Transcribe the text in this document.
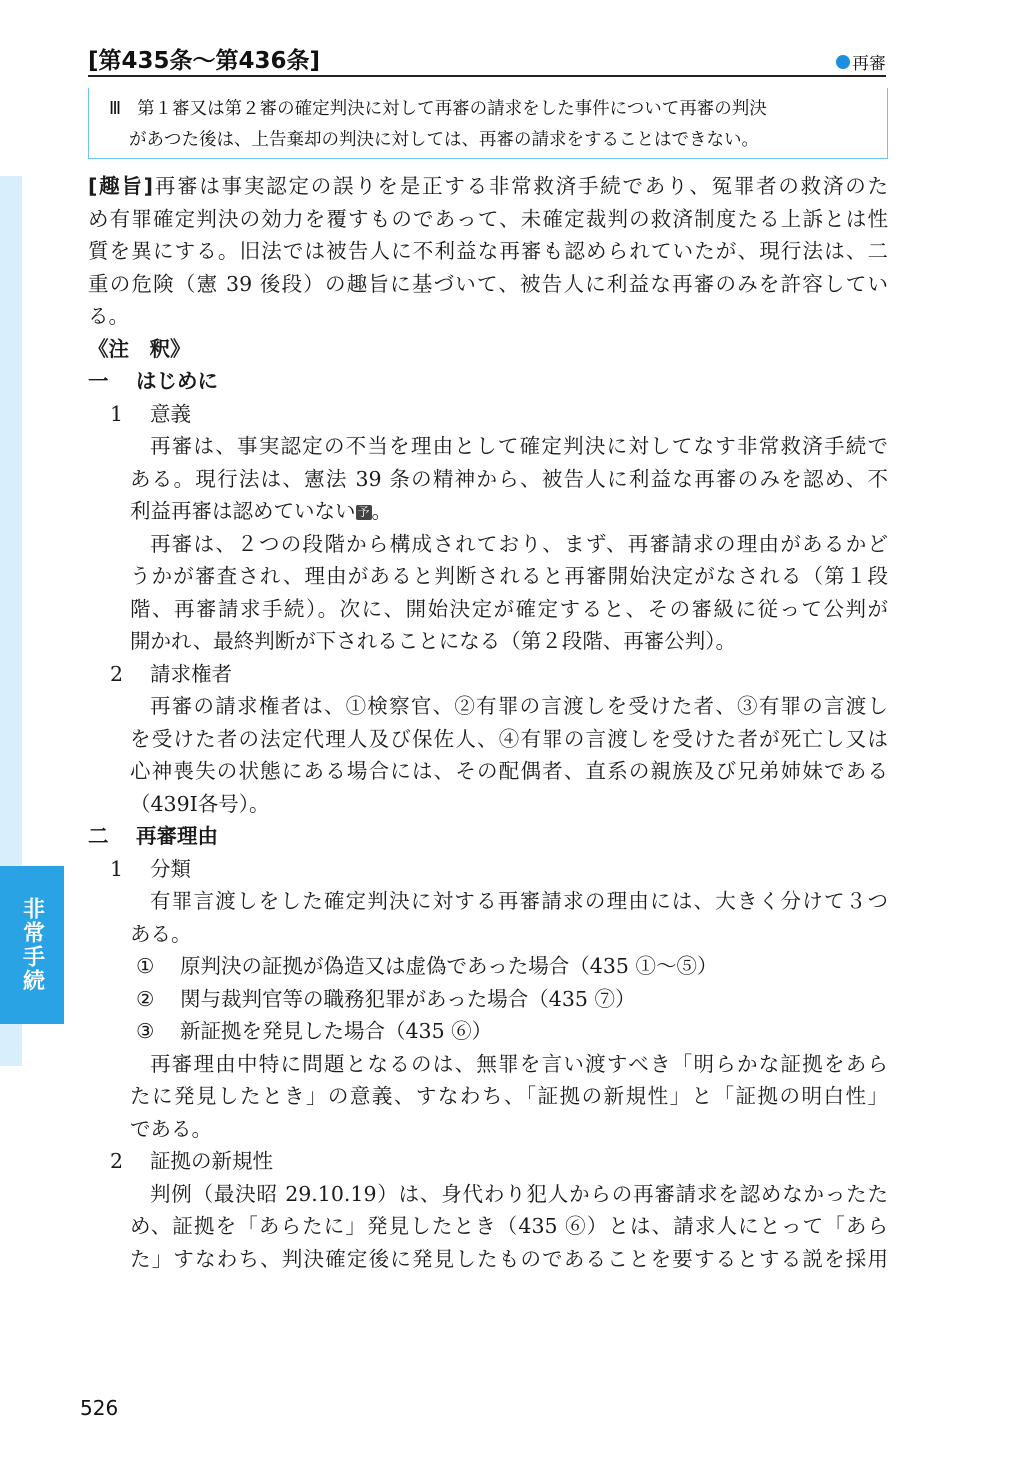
[第435条〜第436条]	再審
Ⅲ 第１審又は第２審の確定判決に対して再審の請求をした事件について再審の判決
があつた後は、上告棄却の判決に対しては、再審の請求をすることはできない。
非常手続
[趣旨]再審は事実認定の誤りを是正する非常救済手続であり、冤罪者の救済のた
め有罪確定判決の効力を覆すものであって、未確定裁判の救済制度たる上訴とは性
質を異にする。旧法では被告人に不利益な再審も認められていたが、現行法は、二
重の危険（憲 39 後段）の趣旨に基づいて、被告人に利益な再審のみを許容してい
る。
《注　釈》
一 はじめに
1 意義
再審は、事実認定の不当を理由として確定判決に対してなす非常救済手続で
ある。現行法は、憲法 39 条の精神から、被告人に利益な再審のみを認め、不
利益再審は認めていない 予。
再審は、２つの段階から構成されており、まず、再審請求の理由があるかど
うかが審査され、理由があると判断されると再審開始決定がなされる（第１段
階、再審請求手続）。次に、開始決定が確定すると、その審級に従って公判が
開かれ、最終判断が下されることになる（第２段階、再審公判）。
2 請求権者
再審の請求権者は、①検察官、②有罪の言渡しを受けた者、③有罪の言渡し
を受けた者の法定代理人及び保佐人、④有罪の言渡しを受けた者が死亡し又は
心神喪失の状態にある場合には、その配偶者、直系の親族及び兄弟姉妹である
（439Ⅰ各号）。
二 再審理由
1 分類
有罪言渡しをした確定判決に対する再審請求の理由には、大きく分けて３つ
ある。
① 原判決の証拠が偽造又は虚偽であった場合（435 ①〜⑤）
② 関与裁判官等の職務犯罪があった場合（435 ⑦）
③ 新証拠を発見した場合（435 ⑥）
再審理由中特に問題となるのは、無罪を言い渡すべき「明らかな証拠をあら
たに発見したとき」の意義、すなわち、「証拠の新規性」と「証拠の明白性」
である。
2 証拠の新規性
判例（最決昭 29.10.19）は、身代わり犯人からの再審請求を認めなかったた
め、証拠を「あらたに」発見したとき（435 ⑥）とは、請求人にとって「あら
た」すなわち、判決確定後に発見したものであることを要するとする説を採用
526
